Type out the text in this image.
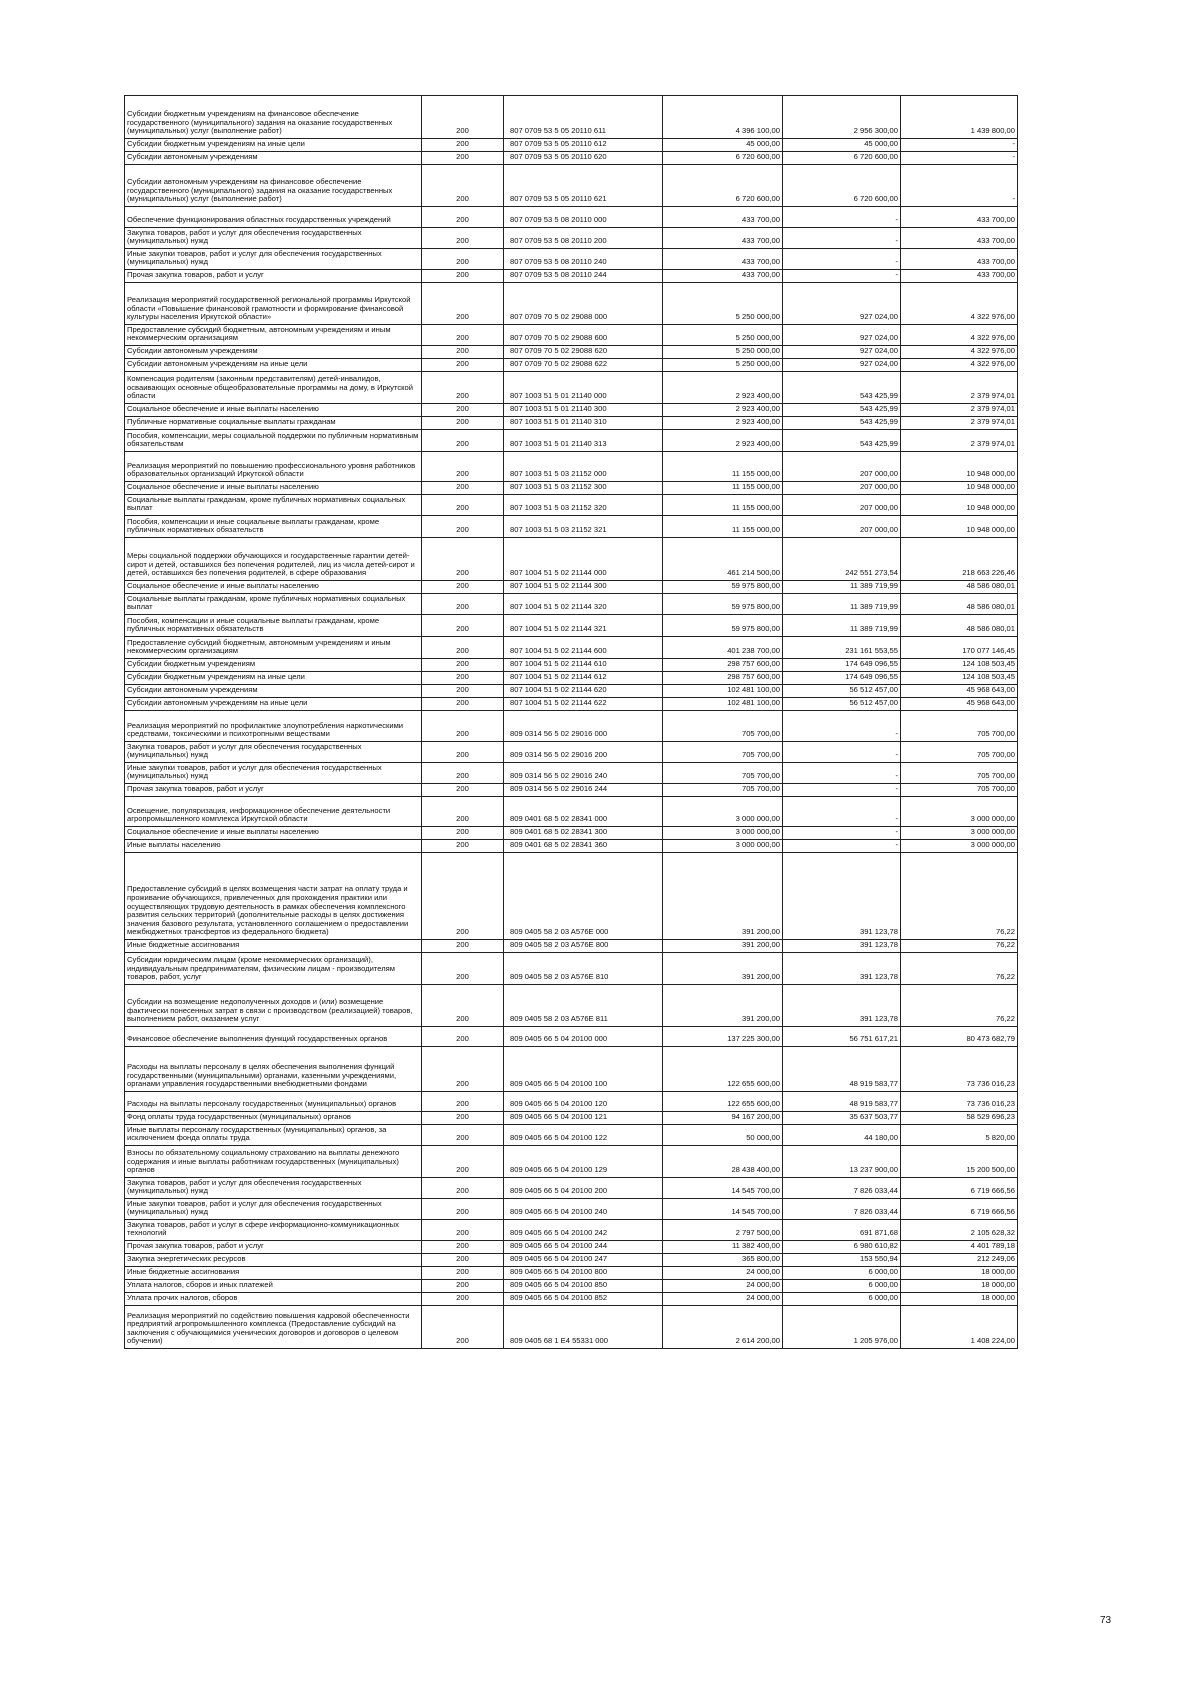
Субсидии бюджетным учреждениям на финансовое обеспечение государственного (муниципального) задания на оказание государственных (муниципальных) услуг (выполнение работ)	200	807 0709 53 5 05 20110 611	4 396 100,00	2 956 300,00	1 439 800,00
Субсидии бюджетным учреждениям на иные цели	200	807 0709 53 5 05 20110 612	45 000,00	45 000,00	-
Субсидии автономным учреждениям	200	807 0709 53 5 05 20110 620	6 720 600,00	6 720 600,00	-
Субсидии автономным учреждениям на финансовое обеспечение государственного (муниципального) задания на оказание государственных (муниципальных) услуг (выполнение работ)	200	807 0709 53 5 05 20110 621	6 720 600,00	6 720 600,00	-
Обеспечение функционирования областных государственных учреждений	200	807 0709 53 5 08 20110 000	433 700,00	-	433 700,00
Закупка товаров, работ и услуг для обеспечения государственных (муниципальных) нужд	200	807 0709 53 5 08 20110 200	433 700,00	-	433 700,00
Иные закупки товаров, работ и услуг для обеспечения государственных (муниципальных) нужд	200	807 0709 53 5 08 20110 240	433 700,00	-	433 700,00
Прочая закупка товаров, работ и услуг	200	807 0709 53 5 08 20110 244	433 700,00	-	433 700,00
Реализация мероприятий государственной региональной программы Иркутской области «Повышение финансовой грамотности и формирование финансовой культуры населения Иркутской области»	200	807 0709 70 5 02 29088 000	5 250 000,00	927 024,00	4 322 976,00
Предоставление субсидий бюджетным, автономным учреждениям и иным некоммерческим организациям	200	807 0709 70 5 02 29088 600	5 250 000,00	927 024,00	4 322 976,00
Субсидии автономным учреждениям	200	807 0709 70 5 02 29088 620	5 250 000,00	927 024,00	4 322 976,00
Субсидии автономным учреждениям на иные цели	200	807 0709 70 5 02 29088 622	5 250 000,00	927 024,00	4 322 976,00
Компенсация родителям (законным представителям) детей-инвалидов, осваивающих основные общеобразовательные программы на дому, в Иркутской области	200	807 1003 51 5 01 21140 000	2 923 400,00	543 425,99	2 379 974,01
Социальное обеспечение и иные выплаты населению	200	807 1003 51 5 01 21140 300	2 923 400,00	543 425,99	2 379 974,01
Публичные нормативные социальные выплаты гражданам	200	807 1003 51 5 01 21140 310	2 923 400,00	543 425,99	2 379 974,01
Пособия, компенсации, меры социальной поддержки по публичным нормативным обязательствам	200	807 1003 51 5 01 21140 313	2 923 400,00	543 425,99	2 379 974,01
Реализация мероприятий по повышению профессионального уровня работников образовательных организаций Иркутской области	200	807 1003 51 5 03 21152 000	11 155 000,00	207 000,00	10 948 000,00
Социальное обеспечение и иные выплаты населению	200	807 1003 51 5 03 21152 300	11 155 000,00	207 000,00	10 948 000,00
Социальные выплаты гражданам, кроме публичных нормативных социальных выплат	200	807 1003 51 5 03 21152 320	11 155 000,00	207 000,00	10 948 000,00
Пособия, компенсации и иные социальные выплаты гражданам, кроме публичных нормативных обязательств	200	807 1003 51 5 03 21152 321	11 155 000,00	207 000,00	10 948 000,00
Меры социальной поддержки обучающихся и государственные гарантии детей-сирот и детей, оставшихся без попечения родителей, лиц из числа детей-сирот и детей, оставшихся без попечения родителей, в сфере образования	200	807 1004 51 5 02 21144 000	461 214 500,00	242 551 273,54	218 663 226,46
Социальное обеспечение и иные выплаты населению	200	807 1004 51 5 02 21144 300	59 975 800,00	11 389 719,99	48 586 080,01
Социальные выплаты гражданам, кроме публичных нормативных социальных выплат	200	807 1004 51 5 02 21144 320	59 975 800,00	11 389 719,99	48 586 080,01
Пособия, компенсации и иные социальные выплаты гражданам, кроме публичных нормативных обязательств	200	807 1004 51 5 02 21144 321	59 975 800,00	11 389 719,99	48 586 080,01
Предоставление субсидий бюджетным, автономным учреждениям и иным некоммерческим организациям	200	807 1004 51 5 02 21144 600	401 238 700,00	231 161 553,55	170 077 146,45
Субсидии бюджетным учреждениям	200	807 1004 51 5 02 21144 610	298 757 600,00	174 649 096,55	124 108 503,45
Субсидии бюджетным учреждениям на иные цели	200	807 1004 51 5 02 21144 612	298 757 600,00	174 649 096,55	124 108 503,45
Субсидии автономным учреждениям	200	807 1004 51 5 02 21144 620	102 481 100,00	56 512 457,00	45 968 643,00
Субсидии автономным учреждениям на иные цели	200	807 1004 51 5 02 21144 622	102 481 100,00	56 512 457,00	45 968 643,00
Реализация мероприятий по профилактике злоупотребления наркотическими средствами, токсическими и психотропными веществами	200	809 0314 56 5 02 29016 000	705 700,00	-	705 700,00
Закупка товаров, работ и услуг для обеспечения государственных (муниципальных) нужд	200	809 0314 56 5 02 29016 200	705 700,00	-	705 700,00
Иные закупки товаров, работ и услуг для обеспечения государственных (муниципальных) нужд	200	809 0314 56 5 02 29016 240	705 700,00	-	705 700,00
Прочая закупка товаров, работ и услуг	200	809 0314 56 5 02 29016 244	705 700,00	-	705 700,00
Освещение, популяризация, информационное обеспечение деятельности агропромышленного комплекса Иркутской области	200	809 0401 68 5 02 28341 000	3 000 000,00	-	3 000 000,00
Социальное обеспечение и иные выплаты населению	200	809 0401 68 5 02 28341 300	3 000 000,00	-	3 000 000,00
Иные выплаты населению	200	809 0401 68 5 02 28341 360	3 000 000,00	-	3 000 000,00
Предоставление субсидий в целях возмещения части затрат на оплату труда и проживание обучающихся, привлеченных для прохождения практики или осуществляющих трудовую деятельность в рамках обеспечения комплексного развития сельских территорий (дополнительные расходы в целях достижения значения базового результата, установленного соглашением о предоставлении межбюджетных трансфертов из федерального бюджета)	200	809 0405 58 2 03 A576E 000	391 200,00	391 123,78	76,22
Иные бюджетные ассигнования	200	809 0405 58 2 03 A576E 800	391 200,00	391 123,78	76,22
Субсидии юридическим лицам (кроме некоммерческих организаций), индивидуальным предпринимателям, физическим лицам - производителям товаров, работ, услуг	200	809 0405 58 2 03 A576E 810	391 200,00	391 123,78	76,22
Субсидии на возмещение недополученных доходов и (или) возмещение фактически понесенных затрат в связи с производством (реализацией) товаров, выполнением работ, оказанием услуг	200	809 0405 58 2 03 A576E 811	391 200,00	391 123,78	76,22
Финансовое обеспечение выполнения функций государственных органов	200	809 0405 66 5 04 20100 000	137 225 300,00	56 751 617,21	80 473 682,79
Расходы на выплаты персоналу в целях обеспечения выполнения функций государственными (муниципальными) органами, казенными учреждениями, органами управления государственными внебюджетными фондами	200	809 0405 66 5 04 20100 100	122 655 600,00	48 919 583,77	73 736 016,23
Расходы на выплаты персоналу государственных (муниципальных) органов	200	809 0405 66 5 04 20100 120	122 655 600,00	48 919 583,77	73 736 016,23
Фонд оплаты труда государственных (муниципальных) органов	200	809 0405 66 5 04 20100 121	94 167 200,00	35 637 503,77	58 529 696,23
Иные выплаты персоналу государственных (муниципальных) органов, за исключением фонда оплаты труда	200	809 0405 66 5 04 20100 122	50 000,00	44 180,00	5 820,00
Взносы по обязательному социальному страхованию на выплаты денежного содержания и иные выплаты работникам государственных (муниципальных) органов	200	809 0405 66 5 04 20100 129	28 438 400,00	13 237 900,00	15 200 500,00
Закупка товаров, работ и услуг для обеспечения государственных (муниципальных) нужд	200	809 0405 66 5 04 20100 200	14 545 700,00	7 826 033,44	6 719 666,56
Иные закупки товаров, работ и услуг для обеспечения государственных (муниципальных) нужд	200	809 0405 66 5 04 20100 240	14 545 700,00	7 826 033,44	6 719 666,56
Закупка товаров, работ и услуг в сфере информационно-коммуникационных технологий	200	809 0405 66 5 04 20100 242	2 797 500,00	691 871,68	2 105 628,32
Прочая закупка товаров, работ и услуг	200	809 0405 66 5 04 20100 244	11 382 400,00	6 980 610,82	4 401 789,18
Закупка энергетических ресурсов	200	809 0405 66 5 04 20100 247	365 800,00	153 550,94	212 249,06
Иные бюджетные ассигнования	200	809 0405 66 5 04 20100 800	24 000,00	6 000,00	18 000,00
Уплата налогов, сборов и иных платежей	200	809 0405 66 5 04 20100 850	24 000,00	6 000,00	18 000,00
Уплата прочих налогов, сборов	200	809 0405 66 5 04 20100 852	24 000,00	6 000,00	18 000,00
Реализация мероприятий по содействию повышения кадровой обеспеченности предприятий агропромышленного комплекса (Предоставление субсидий на заключения с обучающимися ученических договоров и договоров о целевом обучении)	200	809 0405 68 1 E4 55331 000	2 614 200,00	1 205 976,00	1 408 224,00
73
